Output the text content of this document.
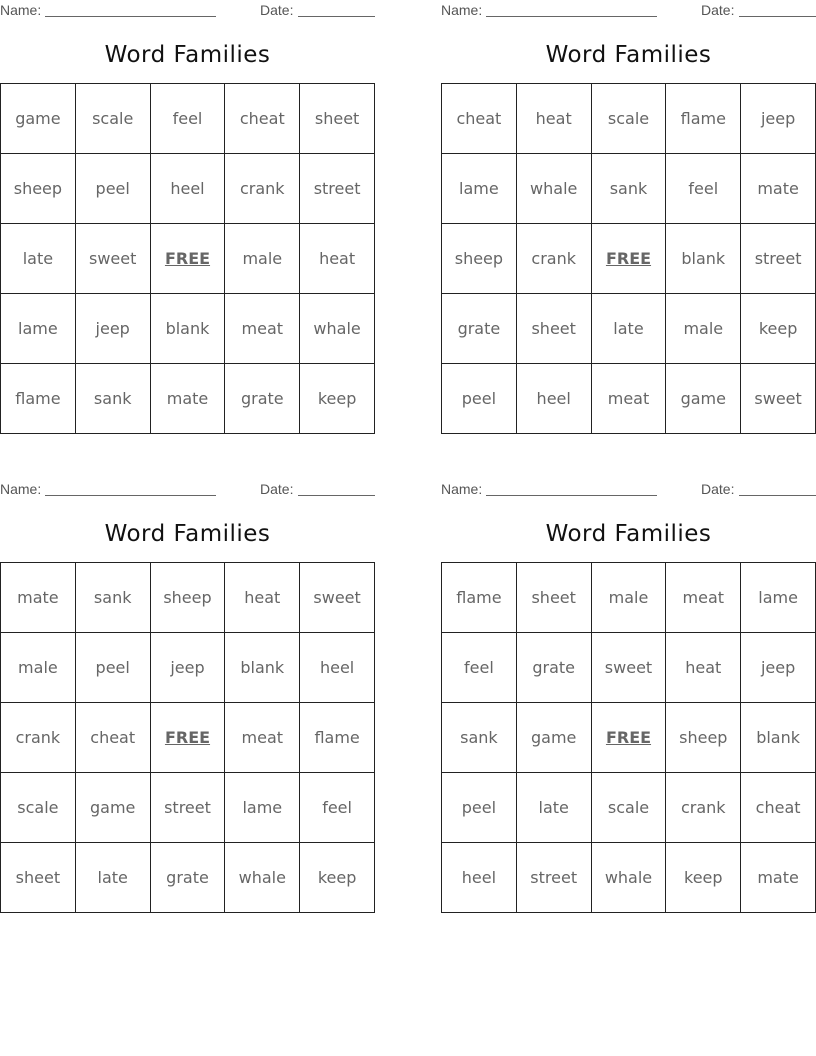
Name:	Date:
Word Families
game	scale	feel	cheat	sheet
sheep	peel	heel	crank	street
late	sweet	FREE	male	heat
lame	jeep	blank	meat	whale
flame	sank	mate	grate	keep
Name:	Date:
Word Families
cheat	heat	scale	flame	jeep
lame	whale	sank	feel	mate
sheep	crank	FREE	blank	street
grate	sheet	late	male	keep
peel	heel	meat	game	sweet
Name:	Date:
Word Families
mate	sank	sheep	heat	sweet
male	peel	jeep	blank	heel
crank	cheat	FREE	meat	flame
scale	game	street	lame	feel
sheet	late	grate	whale	keep
Name:	Date:
Word Families
flame	sheet	male	meat	lame
feel	grate	sweet	heat	jeep
sank	game	FREE	sheep	blank
peel	late	scale	crank	cheat
heel	street	whale	keep	mate
